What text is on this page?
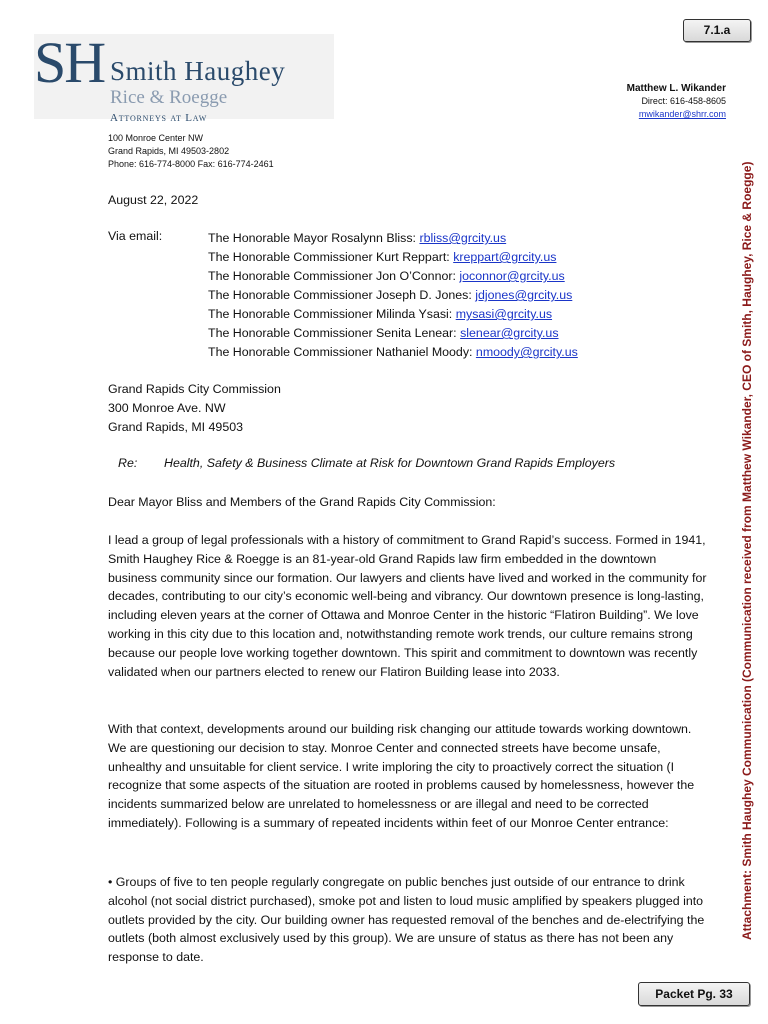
7.1.a
SH Smith Haughey
Rice & Roegge
Attorneys at Law
100 Monroe Center NW
Grand Rapids, MI 49503-2802
Phone: 616-774-8000 Fax: 616-774-2461
Matthew L. Wikander
Direct: 616-458-8605
mwikander@shrr.com
August 22, 2022
Via email:	The Honorable Mayor Rosalynn Bliss: rbliss@grcity.us
The Honorable Commissioner Kurt Reppart: kreppart@grcity.us
The Honorable Commissioner Jon O’Connor: joconnor@grcity.us
The Honorable Commissioner Joseph D. Jones: jdjones@grcity.us
The Honorable Commissioner Milinda Ysasi: mysasi@grcity.us
The Honorable Commissioner Senita Lenear: slenear@grcity.us
The Honorable Commissioner Nathaniel Moody: nmoody@grcity.us
Grand Rapids City Commission
300 Monroe Ave. NW
Grand Rapids, MI 49503
Re: Health, Safety & Business Climate at Risk for Downtown Grand Rapids Employers
Dear Mayor Bliss and Members of the Grand Rapids City Commission:

I lead a group of legal professionals with a history of commitment to Grand Rapid’s success. Formed in 1941, Smith Haughey Rice & Roegge is an 81-year-old Grand Rapids law firm embedded in the downtown business community since our formation. Our lawyers and clients have lived and worked in the community for decades, contributing to our city’s economic well-being and vibrancy. Our downtown presence is long-lasting, including eleven years at the corner of Ottawa and Monroe Center in the historic “Flatiron Building”. We love working in this city due to this location and, notwithstanding remote work trends, our culture remains strong because our people love working together downtown. This spirit and commitment to downtown was recently validated when our partners elected to renew our Flatiron Building lease into 2033.

With that context, developments around our building risk changing our attitude towards working downtown. We are questioning our decision to stay. Monroe Center and connected streets have become unsafe, unhealthy and unsuitable for client service. I write imploring the city to proactively correct the situation (I recognize that some aspects of the situation are rooted in problems caused by homelessness, however the incidents summarized below are unrelated to homelessness or are illegal and need to be corrected immediately). Following is a summary of repeated incidents within feet of our Monroe Center entrance:

• Groups of five to ten people regularly congregate on public benches just outside of our entrance to drink alcohol (not social district purchased), smoke pot and listen to loud music amplified by speakers plugged into outlets provided by the city. Our building owner has requested removal of the benches and de-electrifying the outlets (both almost exclusively used by this group). We are unsure of status as there has not been any response to date.
Attachment: Smith Haughey Communication (Communication received from Matthew Wikander, CEO of Smith, Haughey, Rice & Roegge)
Packet Pg. 33
